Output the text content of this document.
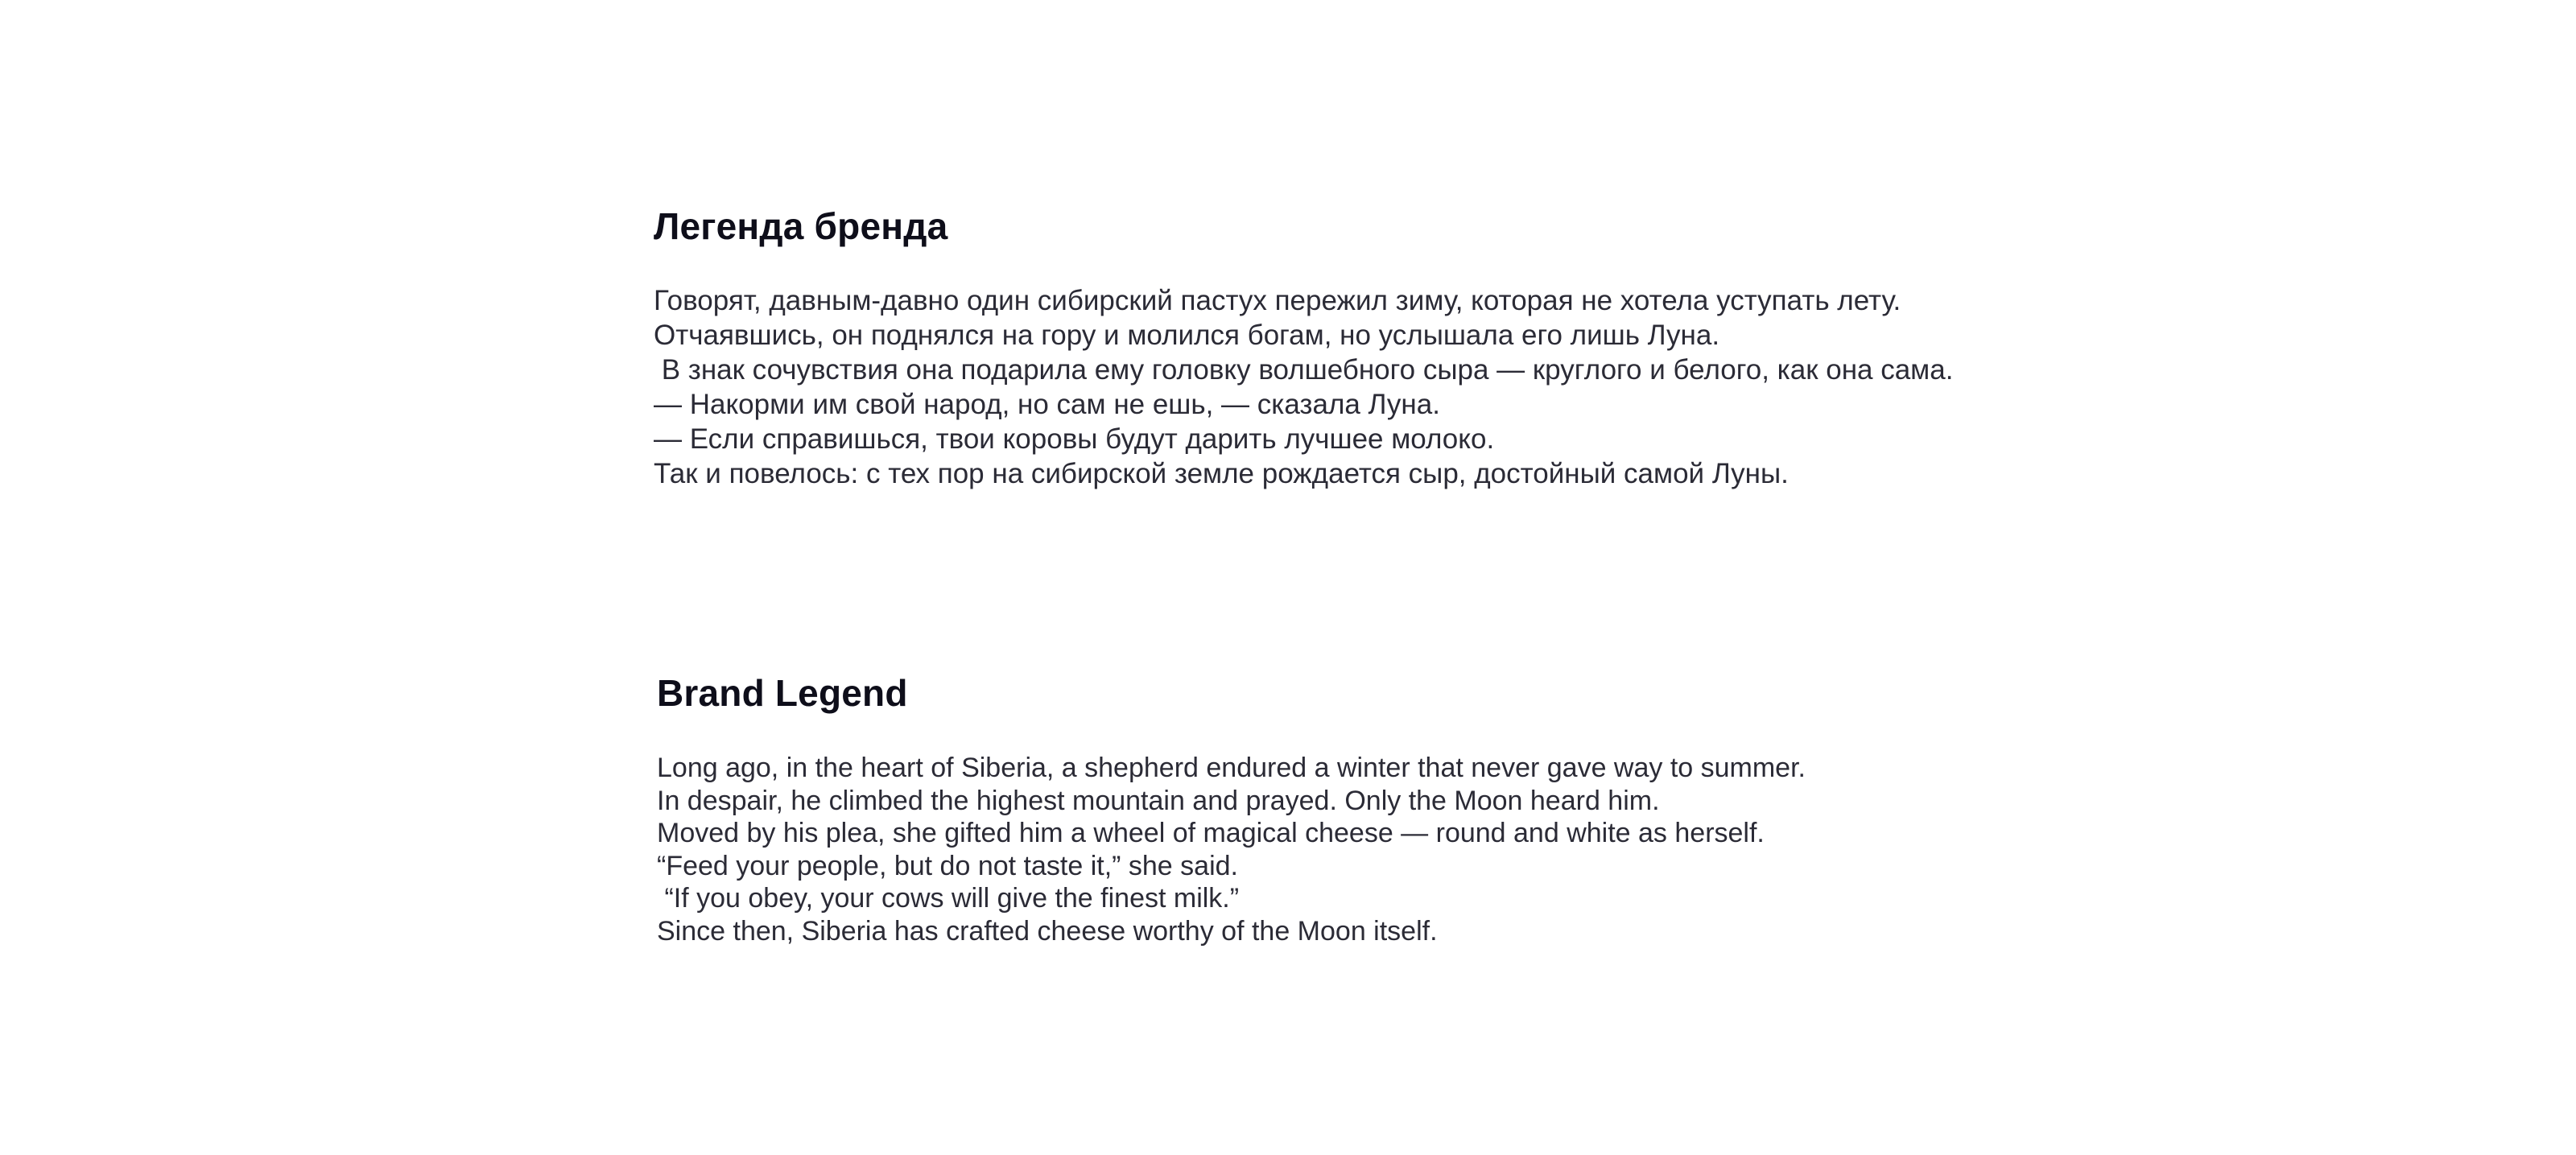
Легенда бренда

Говорят, давным-давно один сибирский пастух пережил зиму, которая не хотела уступать лету.
Отчаявшись, он поднялся на гору и молился богам, но услышала его лишь Луна.
В знак сочувствия она подарила ему головку волшебного сыра — круглого и белого, как она сама.
— Накорми им свой народ, но сам не ешь, — сказала Луна.
— Если справишься, твои коровы будут дарить лучшее молоко.
Так и повелось: с тех пор на сибирской земле рождается сыр, достойный самой Луны.

Brand Legend

Long ago, in the heart of Siberia, a shepherd endured a winter that never gave way to summer.
In despair, he climbed the highest mountain and prayed. Only the Moon heard him.
Moved by his plea, she gifted him a wheel of magical cheese — round and white as herself.
“Feed your people, but do not taste it,” she said.
“If you obey, your cows will give the finest milk.”
Since then, Siberia has crafted cheese worthy of the Moon itself.
